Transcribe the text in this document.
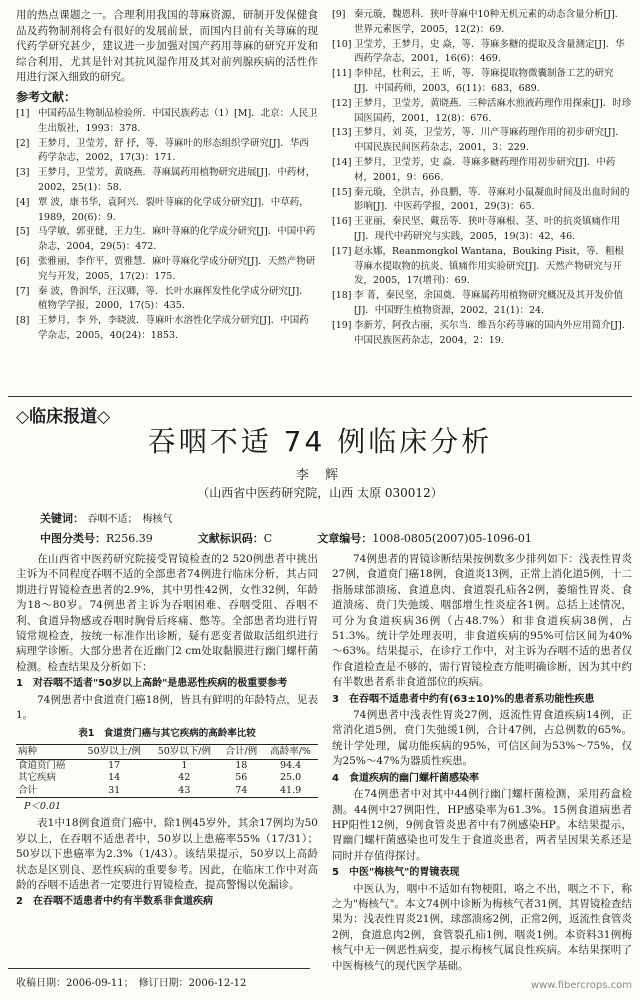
用的热点课题之一。合理利用我国的荨麻资源，研制开发保健食品及药物制剂将会有很好的发展前景，而国内目前有关荨麻的现代药学研究甚少，建议进一步加强对国产药用荨麻的研究开发和综合利用，尤其是针对其抗风湿作用及其对前列腺疾病的活性作用进行深入细致的研究。

参考文献：
[1] 中国药品生物制品检验所．中国民族药志（1）[M]．北京：人民卫生出版社，1993：378.
[2] 王梦月，卫莹芳，舒 抒，等．荨麻叶的形态组织学研究[J]．华西药学杂志，2002，17(3)：171.
[3] 王梦月，卫莹芳，黄晓燕．荨麻属药用植物研究进展[J]．中药材，2002，25(1)：58.
[4] 覃 波，康书华，袁阿兴．裂叶荨麻的化学成分研究[J]．中草药，1989，20(6)：9.
[5] 马学敏，郭亚健，王力生．麻叶荨麻的化学成分研究[J]．中国中药杂志，2004，29(5)：472.
[6] 张雅丽，李作平，贾雅慧．麻叶荨麻化学成分研究[J]．天然产物研究与开发，2005，17(2)：175.
[7] 秦 波，鲁润华，汪汉卿，等．长叶水麻挥发性化学成分研究[J]．植物学学报，2000，17(5)：435.
[8] 王梦月，李 外，李晓波．荨麻叶水溶性化学成分研究[J]．中国药学杂志，2005，40(24)：1853.
[9] 秦元璇，魏恩科．狭叶荨麻中10种无机元素的动态含量分析[J]．世界元素医学，2005，12(2)：69.
[10] 卫莹芳，王梦月，史 焱，等．荨麻多糖的提取及含量测定[J]．华西药学杂志，2001，16(6)：469.
[11] 李仲昆，杜利云，王 昕，等．荨麻提取物微囊制备工艺的研究[J]．中国药师，2003，6(11)：683，689.
[12] 王梦月，卫莹芳，黄晓燕．三种活麻水煎液药理作用探索[J]．时珍国医国药，2001，12(8)：676.
[13] 王梦月，刘 英，卫莹芳，等．川产荨麻药理作用的初步研究[J]．中国民族民间医药杂志，2001，3：229.
[14] 王梦月，卫莹芳，史 焱．荨麻多糖药理作用初步研究[J]．中药材，2001，9：666.
[15] 秦元璇，全洪吉，孙良鹏，等．荨麻对小鼠凝血时间及出血时间的影响[J]．中医药学报，2001，29(3)：65.
[16] 王亚丽，秦民坚，戴岳等．狭叶荨麻根、茎、叶的抗炎镇痛作用[J]．现代中药研究与实践，2005，19(3)：42，46.
[17] 赵永娜，Reanmongkol Wantana，Bouking Pisit，等．粗根荨麻水提取物的抗炎、镇痛作用实验研究[J]．天然产物研究与开发，2005，17(增刊)：69.
[18] 李 菁，秦民坚，余国奠．荨麻属药用植物研究概况及其开发价值[J]．中国野生植物资源，2002，21(1)：24.
[19] 李新芳，阿孜古丽，买尔当．维吾尔药荨麻的国内外应用简介[J]．中国民族医药杂志，2004，2：19.
◇临床报道◇
吞咽不适 74 例临床分析
李 辉
（山西省中医药研究院，山西 太原 030012）
关键词： 吞咽不适；　梅核气
中图分类号：R256.39	文献标识码：C	文章编号：1008-0805(2007)05-1096-01

在山西省中医药研究院接受胃镜检查的2 520例患者中挑出主诉为不同程度吞咽不适的全部患者74例进行临床分析，其占同期进行胃镜检查患者的2.9%，其中男性42例，女性32例，年龄为18～80岁。74例患者主诉为吞咽困难、吞咽受阻、吞咽不利、食道异物感或吞咽时胸骨后疼痛、憋等。全部患者均进行胃镜常规检查，按统一标准作出诊断，疑有恶变者做取活组织进行病理学诊断。大部分患者在近幽门2 cm处取黏膜进行幽门螺杆菌检测。检查结果及分析如下：

1　对吞咽不适者"50岁以上高龄"是患恶性疾病的极重要参考

74例患者中食道贲门癌18例，皆具有鲜明的年龄特点，见表1。

表1　食道贲门癌与其它疾病的高龄率比较
病种	50岁以上/例	50岁以下/例	合计/例	高龄率/%
食道贲门癌	17	1	18	94.4
其它疾病	14	42	56	25.0
合计	31	43	74	41.9
P＜0.01

表1中18例食道贲门癌中，除1例45岁外，其余17例均为50岁以上，在吞咽不适患者中，50岁以上患癌率55%（17/31）；50岁以下患癌率为2.3%（1/43）。该结果提示，50岁以上高龄状态是区别良、恶性疾病的重要参考。因此，在临床工作中对高龄的吞咽不适患者一定要进行胃镜检查，提高警惕以免漏诊。

2　在吞咽不适患者中约有半数系非食道疾病

74例患者的胃镜诊断结果按例数多少排列如下：浅表性胃炎27例，食道贲门癌18例，食道炎13例，正常上消化道5例，十二指肠球部溃疡、食道息肉、食道裂孔疝各2例，萎缩性胃炎、食道溃疡、贲门失弛缓、咽部增生性炎症各1例。总括上述情况，可分为食道疾病36例（占48.7%）和非食道疾病38例，占51.3%。统计学处理表明，非食道疾病的95%可信区间为40%～63%。结果提示，在诊疗工作中，对主诉为吞咽不适的患者仅作食道检查是不够的，需行胃镜检查方能明确诊断，因为其中约有半数患者系非食道部位的疾病。

3　在吞咽不适患者中约有(63±10)%的患者系功能性疾患

74例患者中浅表性胃炎27例，返流性胃食道疾病14例，正常消化道5例，贲门失弛缓1例，合计47例，占总例数的65%。统计学处理，属功能疾病的95%，可信区间为53%～75%，仅为25%～47%为器质性疾患。

4　食道疾病的幽门螺杆菌感染率

在74例患者中对其中44例行幽门螺杆菌检测，采用药盒检测。44例中27例阳性，HP感染率为61.3%。15例食道病患者HP阳性12例，9例食管炎患者中有7例感染HP。本结果提示，胃幽门螺杆菌感染也可发生于食道炎患者，两者呈因果关系还是同时并存值得探讨。

5　中医"梅核气"的胃镜表现

中医认为，咽中不适如有物梗阻，咯之不出，咽之不下，称之为"梅核气"。本文74例中诊断为梅核气者31例，其胃镜检查结果为：浅表性胃炎21例，球部溃疡2例，正常2例，返流性食管炎2例，食道息肉2例，食管裂孔疝1例，咽炎1例。本资料31例梅核气中无一例恶性病变，提示梅核气属良性疾病。本结果探明了中医梅核气的现代医学基础。

收稿日期：2006-09-11；　修订日期：2006-12-12	www.fibercrops.com
